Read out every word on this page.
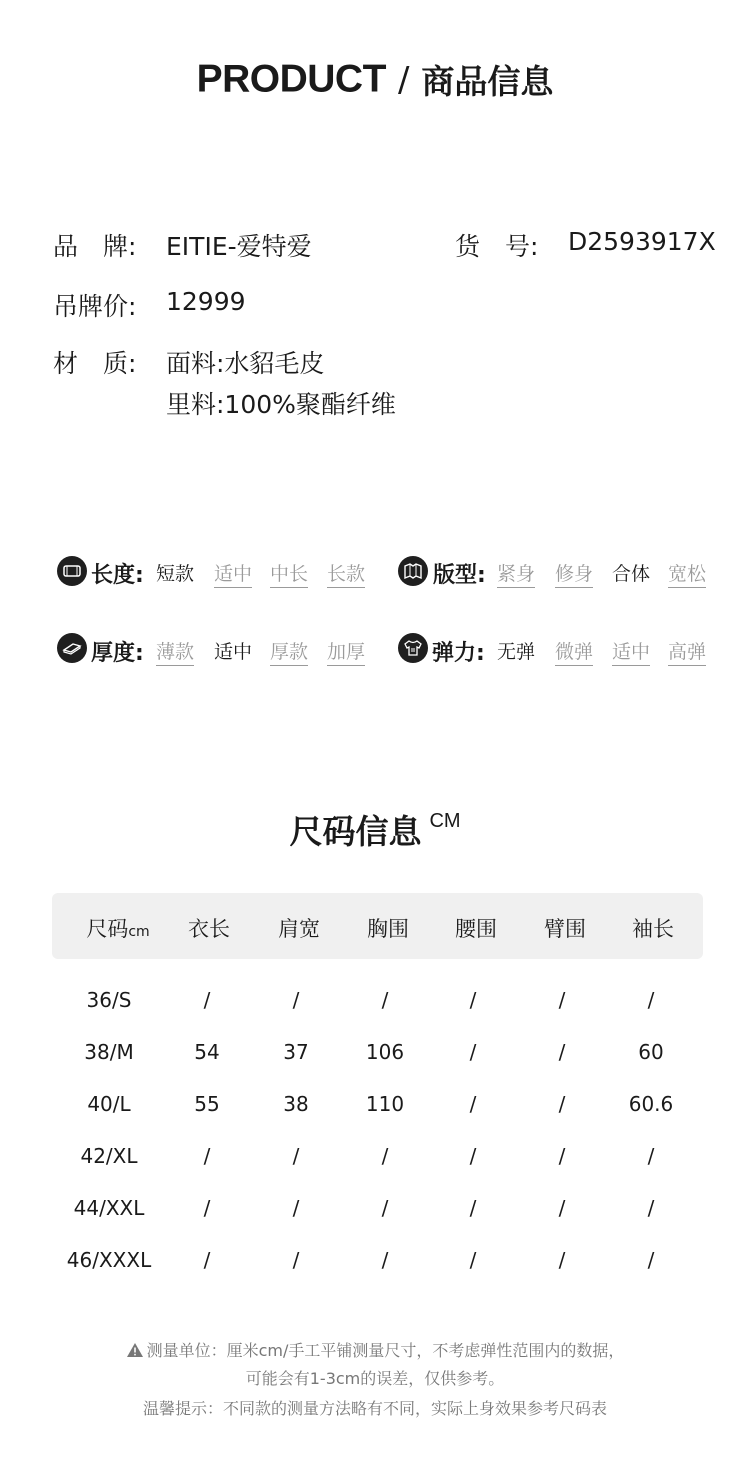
PRODUCT / 商品信息
品　牌: EITIE-爱特爱	货　号: D2593917X
吊牌价: 12999
材　质: 面料:水貂毛皮
里料:100%聚酯纤维
长度: 短款 适中 中长 长款	版型: 紧身 修身 合体 宽松
厚度: 薄款 适中 厚款 加厚	弹力: 无弹 微弹 适中 高弹
尺码信息 CM
尺码cm	衣长	肩宽	胸围	腰围	臂围	袖长
36/S	/	/	/	/	/	/
38/M	54	37	106	/	/	60
40/L	55	38	110	/	/	60.6
42/XL	/	/	/	/	/	/
44/XXL	/	/	/	/	/	/
46/XXXL	/	/	/	/	/	/
测量单位：厘米cm/手工平铺测量尺寸，不考虑弹性范围内的数据，
可能会有1-3cm的误差，仅供参考。
温馨提示：不同款的测量方法略有不同，实际上身效果参考尺码表
